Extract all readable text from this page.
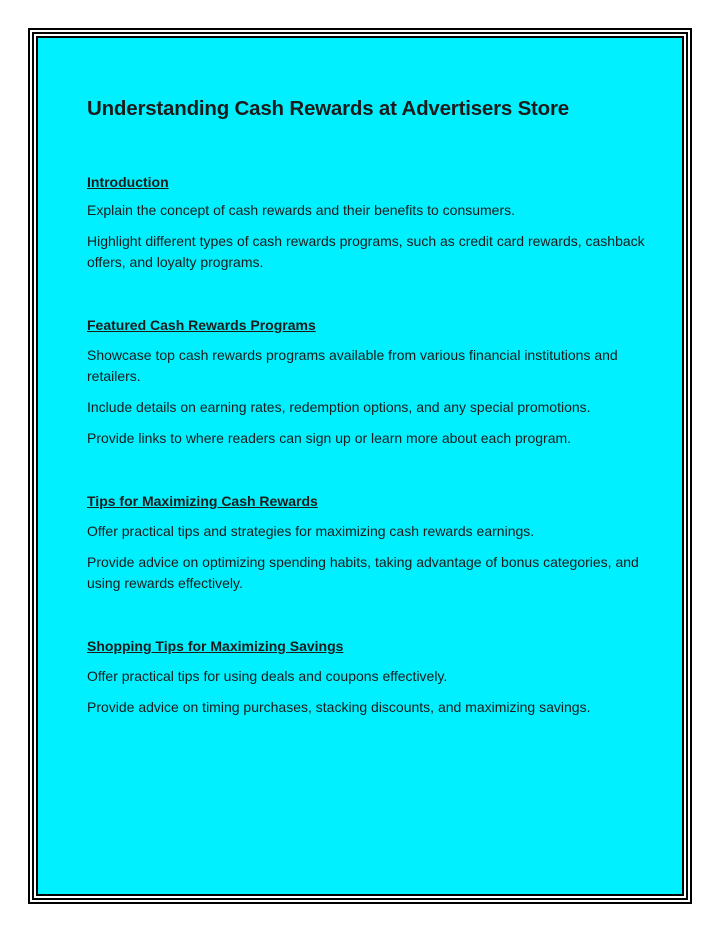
Understanding Cash Rewards at Advertisers Store
Introduction

Explain the concept of cash rewards and their benefits to consumers.

Highlight different types of cash rewards programs, such as credit card rewards, cashback offers, and loyalty programs.

Featured Cash Rewards Programs

Showcase top cash rewards programs available from various financial institutions and retailers.

Include details on earning rates, redemption options, and any special promotions.

Provide links to where readers can sign up or learn more about each program.

Tips for Maximizing Cash Rewards

Offer practical tips and strategies for maximizing cash rewards earnings.

Provide advice on optimizing spending habits, taking advantage of bonus categories, and using rewards effectively.

Shopping Tips for Maximizing Savings

Offer practical tips for using deals and coupons effectively.

Provide advice on timing purchases, stacking discounts, and maximizing savings.
